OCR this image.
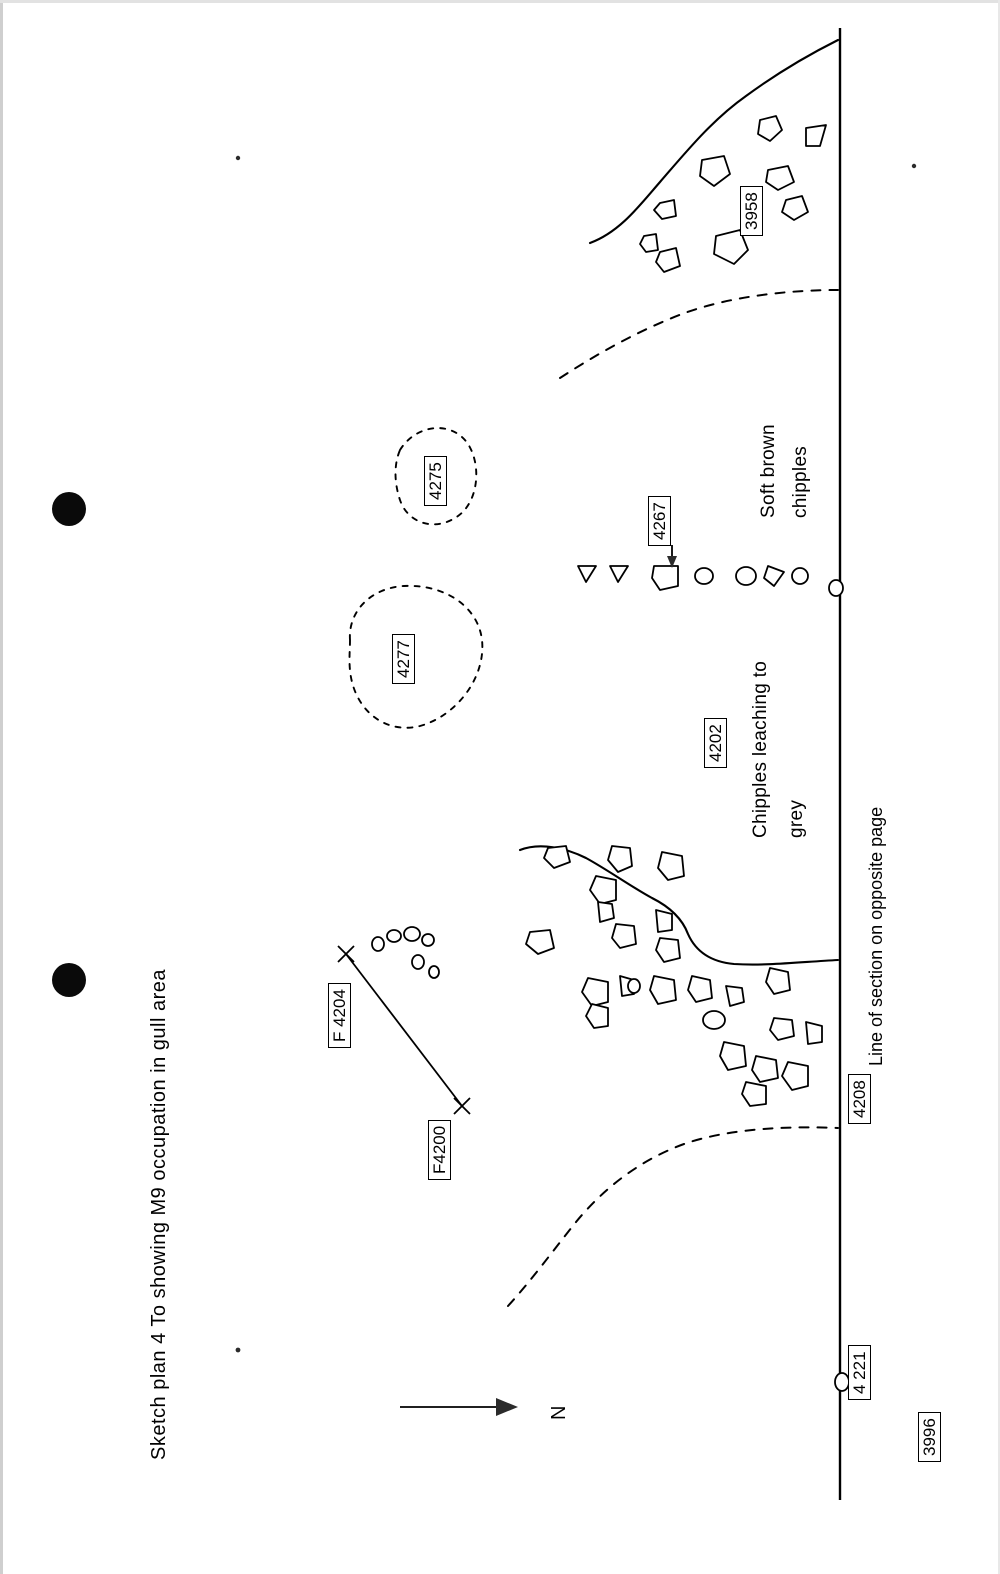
Sketch plan 4 To showing M9 occupation in gull area
Soft brown chipples
Chipples leaching to grey	Line of section on opposite page
N
3958
4275
4277
4267
4202
4208
4 221
3996
F 4204
F4200
